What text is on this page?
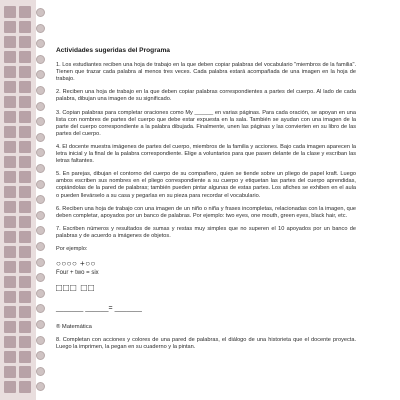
Actividades sugeridas del Programa

1. Los estudiantes reciben una hoja de trabajo en la que deben copiar palabras del vocabulario "miembros de la familia". Tienen que trazar cada palabra al menos tres veces. Cada palabra estará acompañada de una imagen en la hoja de trabajo.

2. Reciben una hoja de trabajo en la que deben copiar palabras correspondientes a partes del cuerpo. Al lado de cada palabra, dibujan una imagen de su significado.

3. Copian palabras para completar oraciones como My ______ en varias páginas. Para cada oración, se apoyan en una lista con nombres de partes del cuerpo que debe estar expuesta en la sala. También se ayudan con una imagen de la parte del cuerpo correspondiente a la palabra dibujada. Finalmente, unen las páginas y las convierten en su libro de las partes del cuerpo.

4. El docente muestra imágenes de partes del cuerpo, miembros de la familia y acciones. Bajo cada imagen aparecen la letra inicial y la final de la palabra correspondiente. Elige a voluntarios para que pasen delante de la clase y escriban las letras faltantes.

5. En parejas, dibujan el contorno del cuerpo de su compañero, quien se tiende sobre un pliego de papel kraft. Luego ambos escriben sus nombres en el pliego correspondiente a su cuerpo y etiquetan las partes del cuerpo aprendidas, copiándolas de la pared de palabras; también pueden pintar algunas de estas partes. Los afiches se exhiben en el aula o pueden llevárselo a su casa y pegarlas en su pieza para recordar el vocabulario.

6. Reciben una hoja de trabajo con una imagen de un niño o niña y frases incompletas, relacionadas con la imagen, que deben completar, apoyados por un banco de palabras. Por ejemplo: two eyes, one mouth, green eyes, black hair, etc.

7. Escriben números y resultados de sumas y restas muy simples que no superen el 10 apoyados por un banco de palabras y de acuerdo a imágenes de objetos.

Por ejemplo:
○○○○ +○○
Four + two = six
□□□ □□
_______ ______= _______
® Matemática

8. Completan con acciones y colores de una pared de palabras, el diálogo de una historieta que el docente proyecta. Luego la imprimen, la pegan en su cuaderno y la pintan.
